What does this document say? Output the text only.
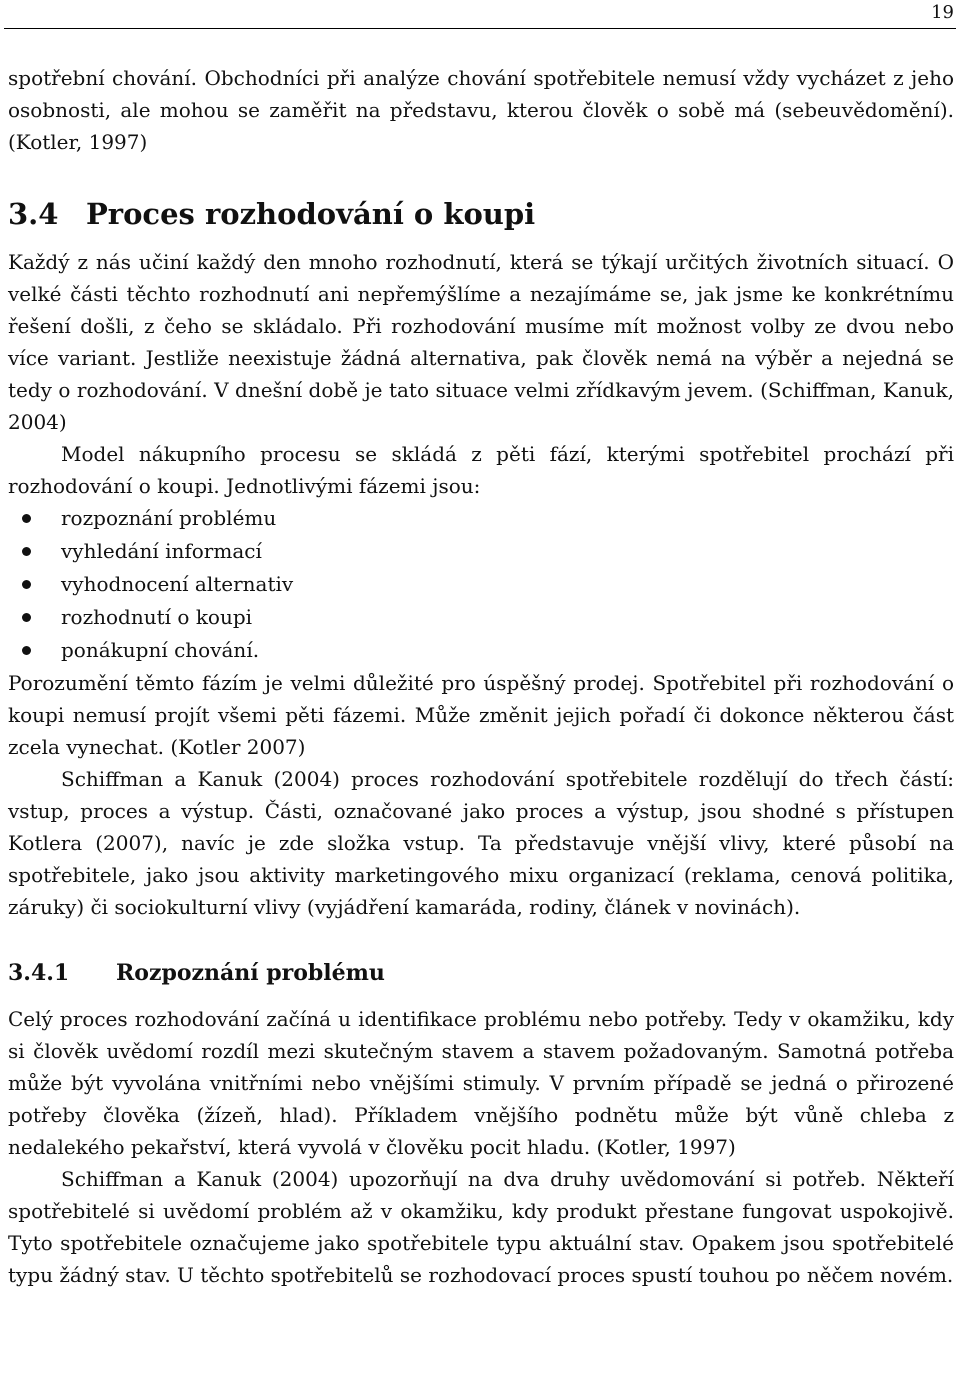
19

spotřební chování. Obchodníci při analýze chování spotřebitele nemusí vždy vycházet z jeho osobnosti, ale mohou se zaměřit na představu, kterou člověk o sobě má (sebeuvědomění). (Kotler, 1997)

3.4 Proces rozhodování o koupi

Každý z nás učiní každý den mnoho rozhodnutí, která se týkají určitých životních situací. O velké části těchto rozhodnutí ani nepřemýšlíme a nezajímáme se, jak jsme ke konkrétnímu řešení došli, z čeho se skládalo. Při rozhodování musíme mít možnost volby ze dvou nebo více variant. Jestliže neexistuje žádná alternativa, pak člověk nemá na výběr a nejedná se tedy o rozhodování. V dnešní době je tato situace velmi zřídkavým jevem. (Schiffman, Kanuk, 2004)

Model nákupního procesu se skládá z pěti fází, kterými spotřebitel prochází při rozhodování o koupi. Jednotlivými fázemi jsou:

rozpoznání problému
vyhledání informací
vyhodnocení alternativ
rozhodnutí o koupi
ponákupní chování.

Porozumění těmto fázím je velmi důležité pro úspěšný prodej. Spotřebitel při rozhodování o koupi nemusí projít všemi pěti fázemi. Může změnit jejich pořadí či dokonce některou část zcela vynechat. (Kotler 2007)

Schiffman a Kanuk (2004) proces rozhodování spotřebitele rozdělují do třech částí: vstup, proces a výstup. Části, označované jako proces a výstup, jsou shodné s přístupen Kotlera (2007), navíc je zde složka vstup. Ta představuje vnější vlivy, které působí na spotřebitele, jako jsou aktivity marketingového mixu organizací (reklama, cenová politika, záruky) či sociokulturní vlivy (vyjádření kamaráda, rodiny, článek v novinách).

3.4.1 Rozpoznání problému

Celý proces rozhodování začíná u identifikace problému nebo potřeby. Tedy v okamžiku, kdy si člověk uvědomí rozdíl mezi skutečným stavem a stavem požadovaným. Samotná potřeba může být vyvolána vnitřními nebo vnějšími stimuly. V prvním případě se jedná o přirozené potřeby člověka (žízeň, hlad). Příkladem vnějšího podnětu může být vůně chleba z nedalekého pekařství, která vyvolá v člověku pocit hladu. (Kotler, 1997)

Schiffman a Kanuk (2004) upozorňují na dva druhy uvědomování si potřeb. Někteří spotřebitelé si uvědomí problém až v okamžiku, kdy produkt přestane fungovat uspokojivě. Tyto spotřebitele označujeme jako spotřebitele typu aktuální stav. Opakem jsou spotřebitelé typu žádný stav. U těchto spotřebitelů se rozhodovací proces spustí touhou po něčem novém.
